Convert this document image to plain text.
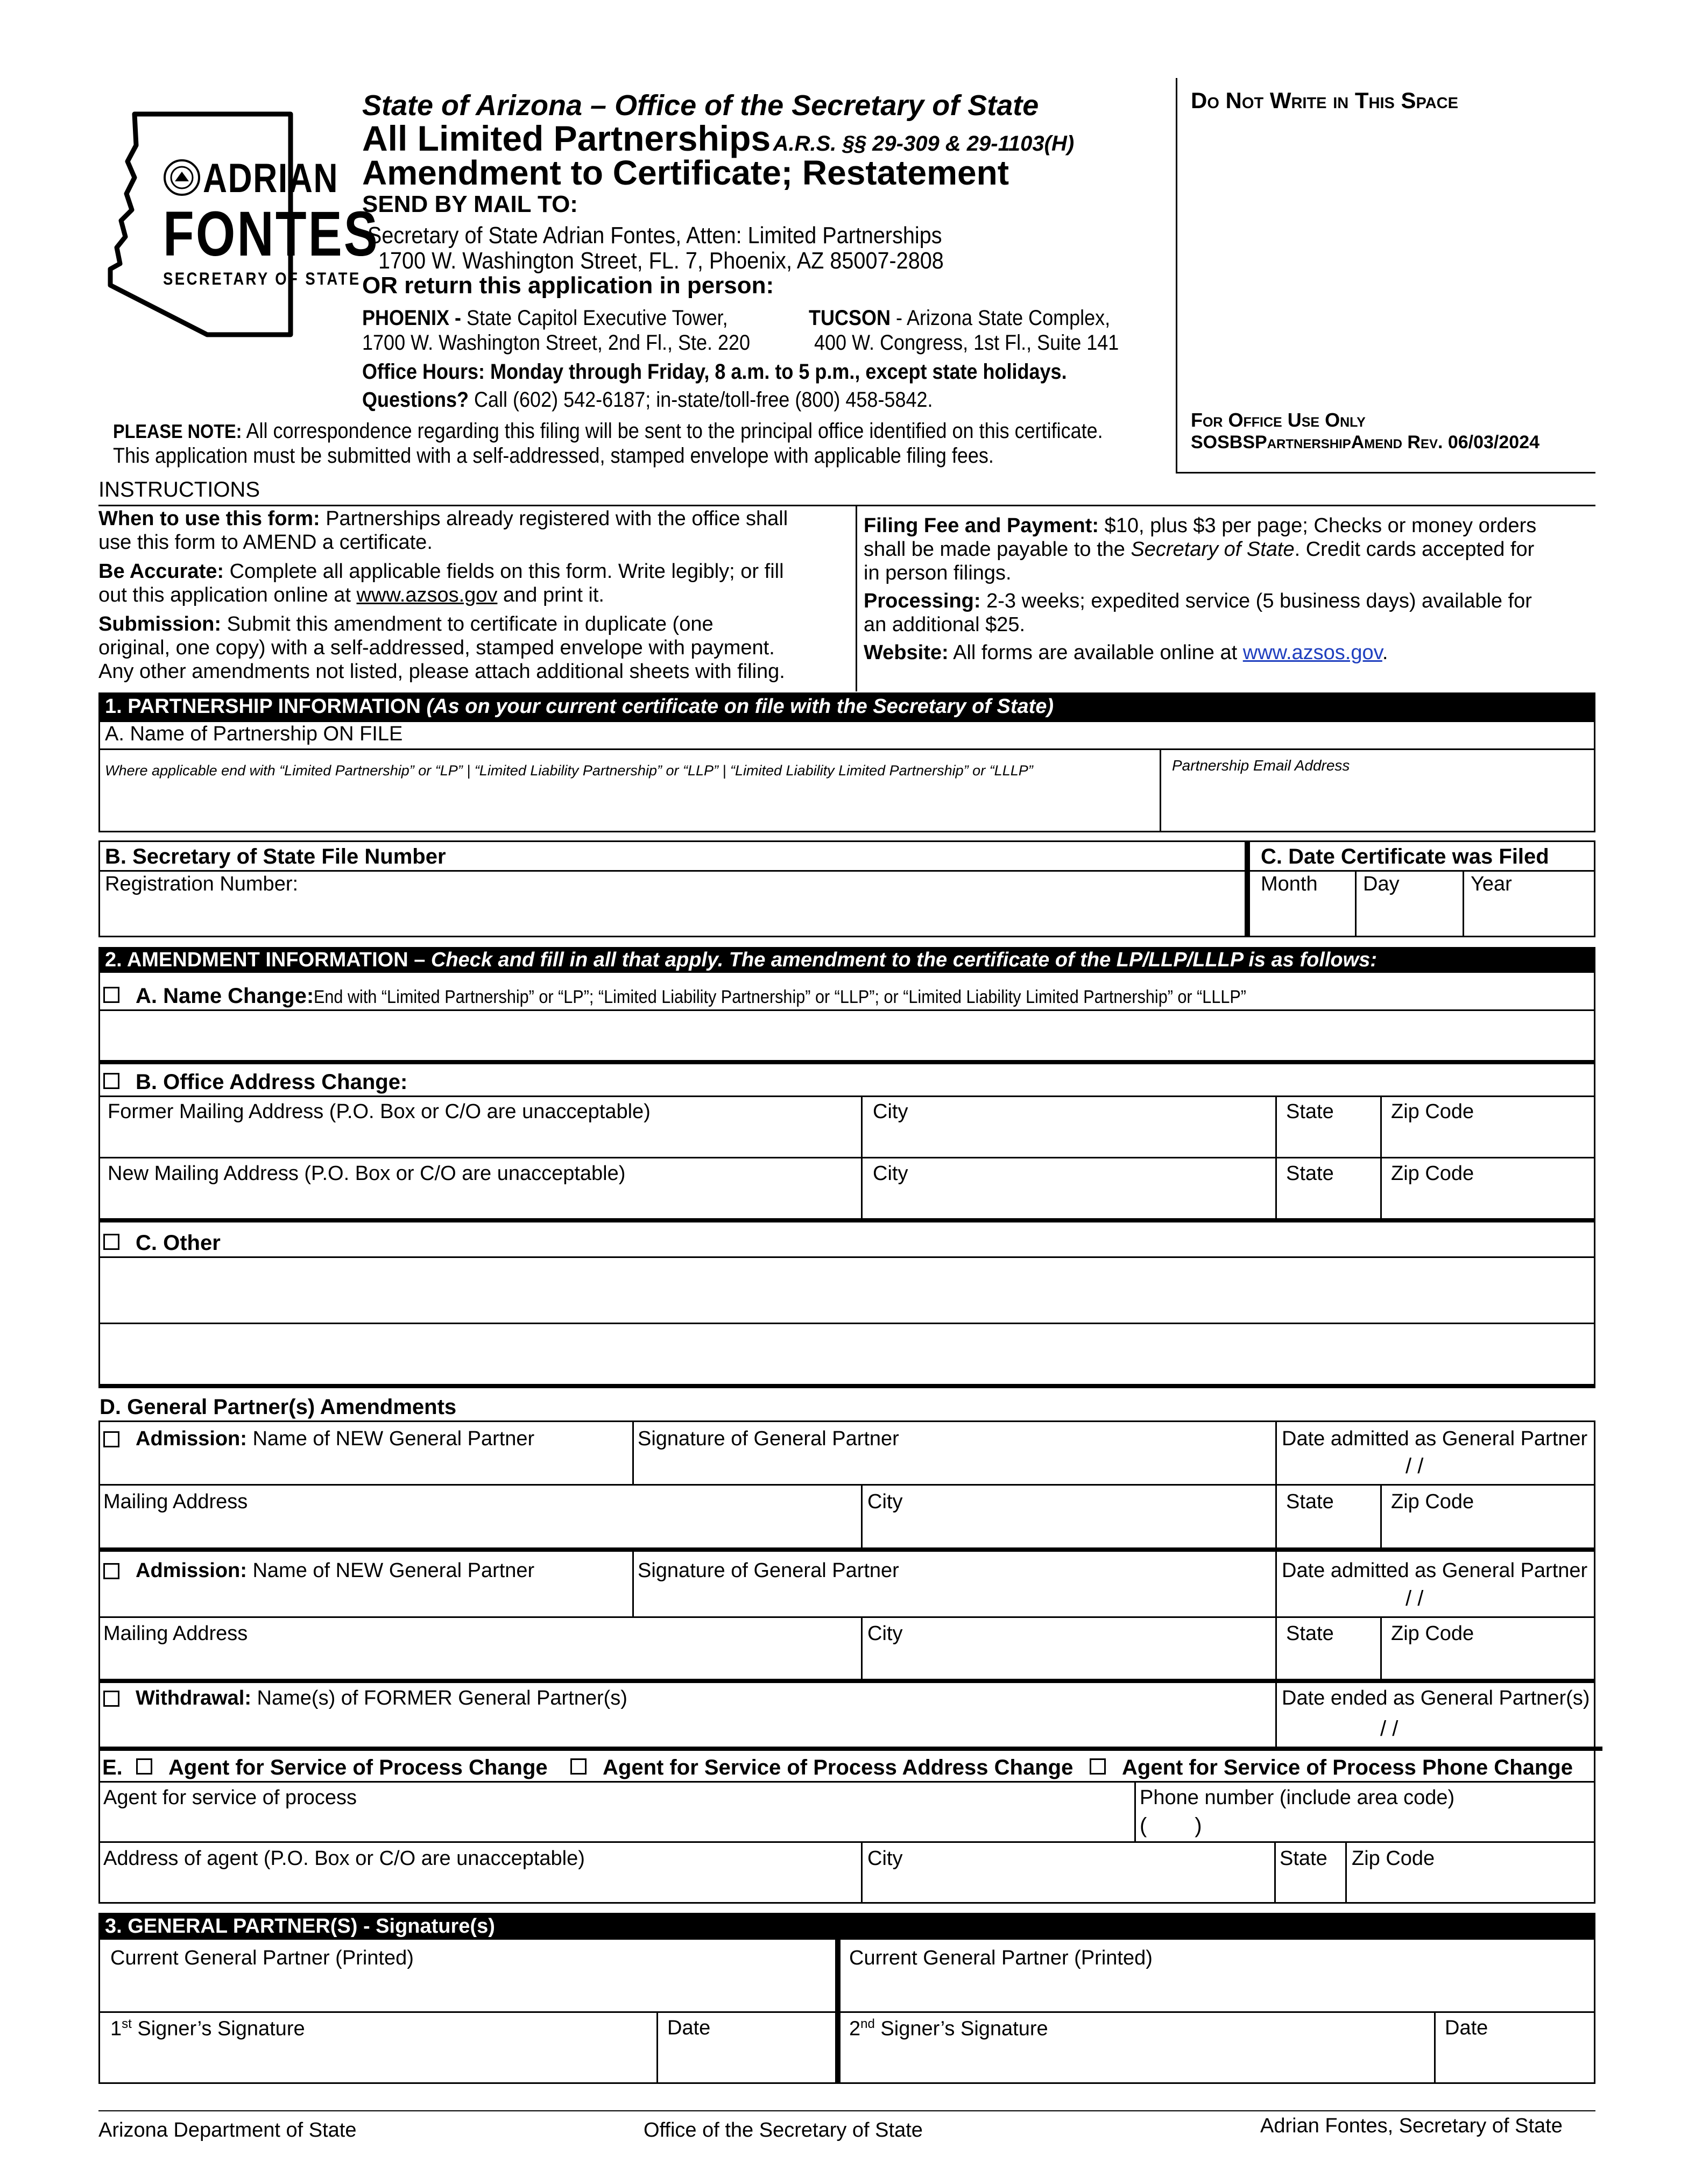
ADRIAN
FONTES
SECRETARY OF STATE
State of Arizona – Office of the Secretary of State
All Limited Partnerships A.R.S. §§ 29-309 & 29-1103(H)
Amendment to Certificate; Restatement
SEND BY MAIL TO:
Secretary of State Adrian Fontes, Atten: Limited Partnerships
1700 W. Washington Street, FL. 7, Phoenix, AZ 85007-2808
OR return this application in person:
PHOENIX - State Capitol Executive Tower,
1700 W. Washington Street, 2nd Fl., Ste. 220
TUCSON - Arizona State Complex,
400 W. Congress, 1st Fl., Suite 141
Office Hours: Monday through Friday, 8 a.m. to 5 p.m., except state holidays.
Questions? Call (602) 542-6187; in-state/toll-free (800) 458-5842.
PLEASE NOTE: All correspondence regarding this filing will be sent to the principal office identified on this certificate.
This application must be submitted with a self-addressed, stamped envelope with applicable filing fees.
Do Not Write in This Space
For Office Use Only
SOSBSPartnershipAmend Rev. 06/03/2024
INSTRUCTIONS
When to use this form: Partnerships already registered with the office shall
use this form to AMEND a certificate.
Be Accurate: Complete all applicable fields on this form. Write legibly; or fill
out this application online at www.azsos.gov and print it.
Submission: Submit this amendment to certificate in duplicate (one
original, one copy) with a self-addressed, stamped envelope with payment.
Any other amendments not listed, please attach additional sheets with filing.
Filing Fee and Payment: $10, plus $3 per page; Checks or money orders
shall be made payable to the Secretary of State. Credit cards accepted for
in person filings.
Processing: 2-3 weeks; expedited service (5 business days) available for
an additional $25.
Website: All forms are available online at www.azsos.gov.
1. PARTNERSHIP INFORMATION (As on your current certificate on file with the Secretary of State)
A. Name of Partnership ON FILE
Where applicable end with “Limited Partnership” or “LP” | “Limited Liability Partnership” or “LLP” | “Limited Liability Limited Partnership” or “LLLP”	Partnership Email Address
B. Secretary of State File Number
Registration Number:
C. Date Certificate was Filed
Month Day	Year
2. AMENDMENT INFORMATION – Check and fill in all that apply. The amendment to the certificate of the LP/LLP/LLLP is as follows:
A. Name Change:End with “Limited Partnership” or “LP”; “Limited Liability Partnership” or “LLP”; or “Limited Liability Limited Partnership” or “LLLP”
B. Office Address Change:
Former Mailing Address (P.O. Box or C/O are unacceptable)	City	State	Zip Code
New Mailing Address (P.O. Box or C/O are unacceptable)	City	State	Zip Code
C. Other
D. General Partner(s) Amendments
Admission: Name of NEW General Partner	Signature of General Partner	Date admitted as General Partner
/ /
Mailing Address	City	State	Zip Code
Admission: Name of NEW General Partner	Signature of General Partner	Date admitted as General Partner
/ /
Mailing Address	City	State	Zip Code
Withdrawal: Name(s) of FORMER General Partner(s)	Date ended as General Partner(s)
/ /
E. Agent for Service of Process Change	Agent for Service of Process Address Change Agent for Service of Process Phone Change
Agent for service of process	Phone number (include area code)
(        )
Address of agent (P.O. Box or C/O are unacceptable)	City	State Zip Code
3. GENERAL PARTNER(S) - Signature(s)
Current General Partner (Printed)	Current General Partner (Printed)
1st Signer’s Signature	Date	2nd Signer’s Signature	Date
Arizona Department of State	Office of the Secretary of State	Adrian Fontes, Secretary of State
